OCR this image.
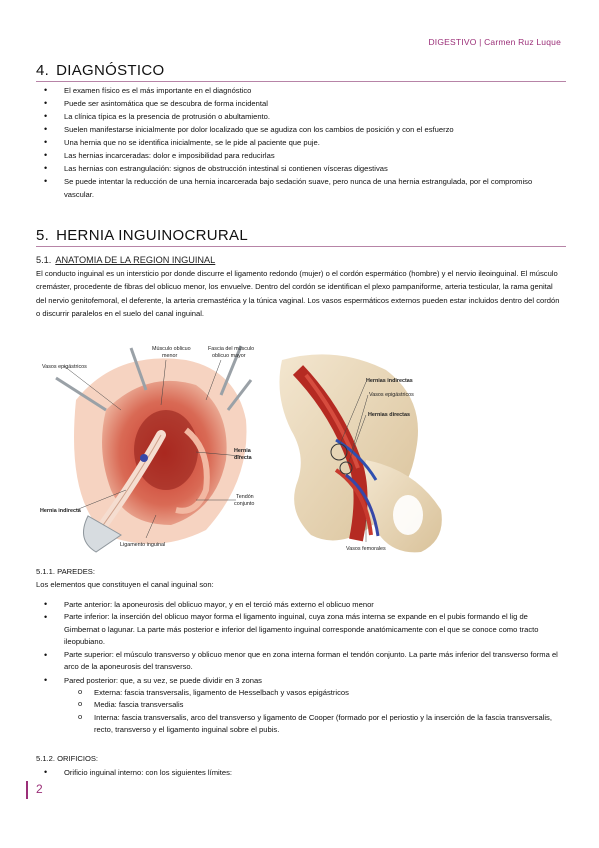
DIGESTIVO | Carmen Ruz Luque
4. DIAGNÓSTICO
• El examen físico es el más importante en el diagnóstico
• Puede ser asintomática que se descubra de forma incidental
• La clínica típica es la presencia de protrusión o abultamiento.
• Suelen manifestarse inicialmente por dolor localizado que se agudiza con los cambios de posición y con el esfuerzo
• Una hernia que no se identifica inicialmente, se le pide al paciente que puje.
• Las hernias incarceradas: dolor e imposibilidad para reducirlas
• Las hernias con estrangulación: signos de obstrucción intestinal si contienen vísceras digestivas
• Se puede intentar la reducción de una hernia incarcerada bajo sedación suave, pero nunca de una hernia estrangulada, por el compromiso vascular.
5. HERNIA INGUINOCRURAL
5.1. ANATOMIA DE LA REGION INGUINAL
El conducto inguinal es un intersticio por donde discurre el ligamento redondo (mujer) o el cordón espermático (hombre) y el nervio ileoinguinal. El músculo cremáster, procedente de fibras del oblicuo menor, los envuelve. Dentro del cordón se identifican el plexo pampaniforme, arteria testicular, la rama genital del nervio genitofemoral, el deferente, la arteria cremastérica y la túnica vaginal. Los vasos espermáticos externos pueden estar incluidos dentro del cordón o discurrir paralelos en el suelo del canal inguinal.
Vasos epigástricos
Músculo oblicuo
menor
Fascia del músculo
oblicuo mayor
Hernia
directa
Tendón
conjunto
Hernia indirecta
Ligamento inguinal
Hernias indirectas
Vasos epigástricos
Hernias directas
Vasos femorales
5.1.1. PAREDES:
Los elementos que constituyen el canal inguinal son:
• Parte anterior: la aponeurosis del oblicuo mayor, y en el terció más externo el oblicuo menor
• Parte inferior: la inserción del oblicuo mayor forma el ligamento inguinal, cuya zona más interna se expande en el pubis formando el lig de Gimbernat o lagunar. La parte más posterior e inferior del ligamento inguinal corresponde anatómicamente con el que se conoce como tracto ileopubiano.
• Parte superior: el músculo transverso y oblicuo menor que en zona interna forman el tendón conjunto. La parte más inferior del transverso forma el arco de la aponeurosis del transverso.
• Pared posterior: que, a su vez, se puede dividir en 3 zonas
o Externa: fascia transversalis, ligamento de Hesselbach y vasos epigástricos
o Media: fascia transversalis
o Interna: fascia transversalis, arco del transverso y ligamento de Cooper (formado por el periostio y la inserción de la fascia transversalis, recto, transverso y el ligamento inguinal sobre el pubis.
5.1.2. ORIFICIOS:
• Orificio inguinal interno: con los siguientes límites:
2
